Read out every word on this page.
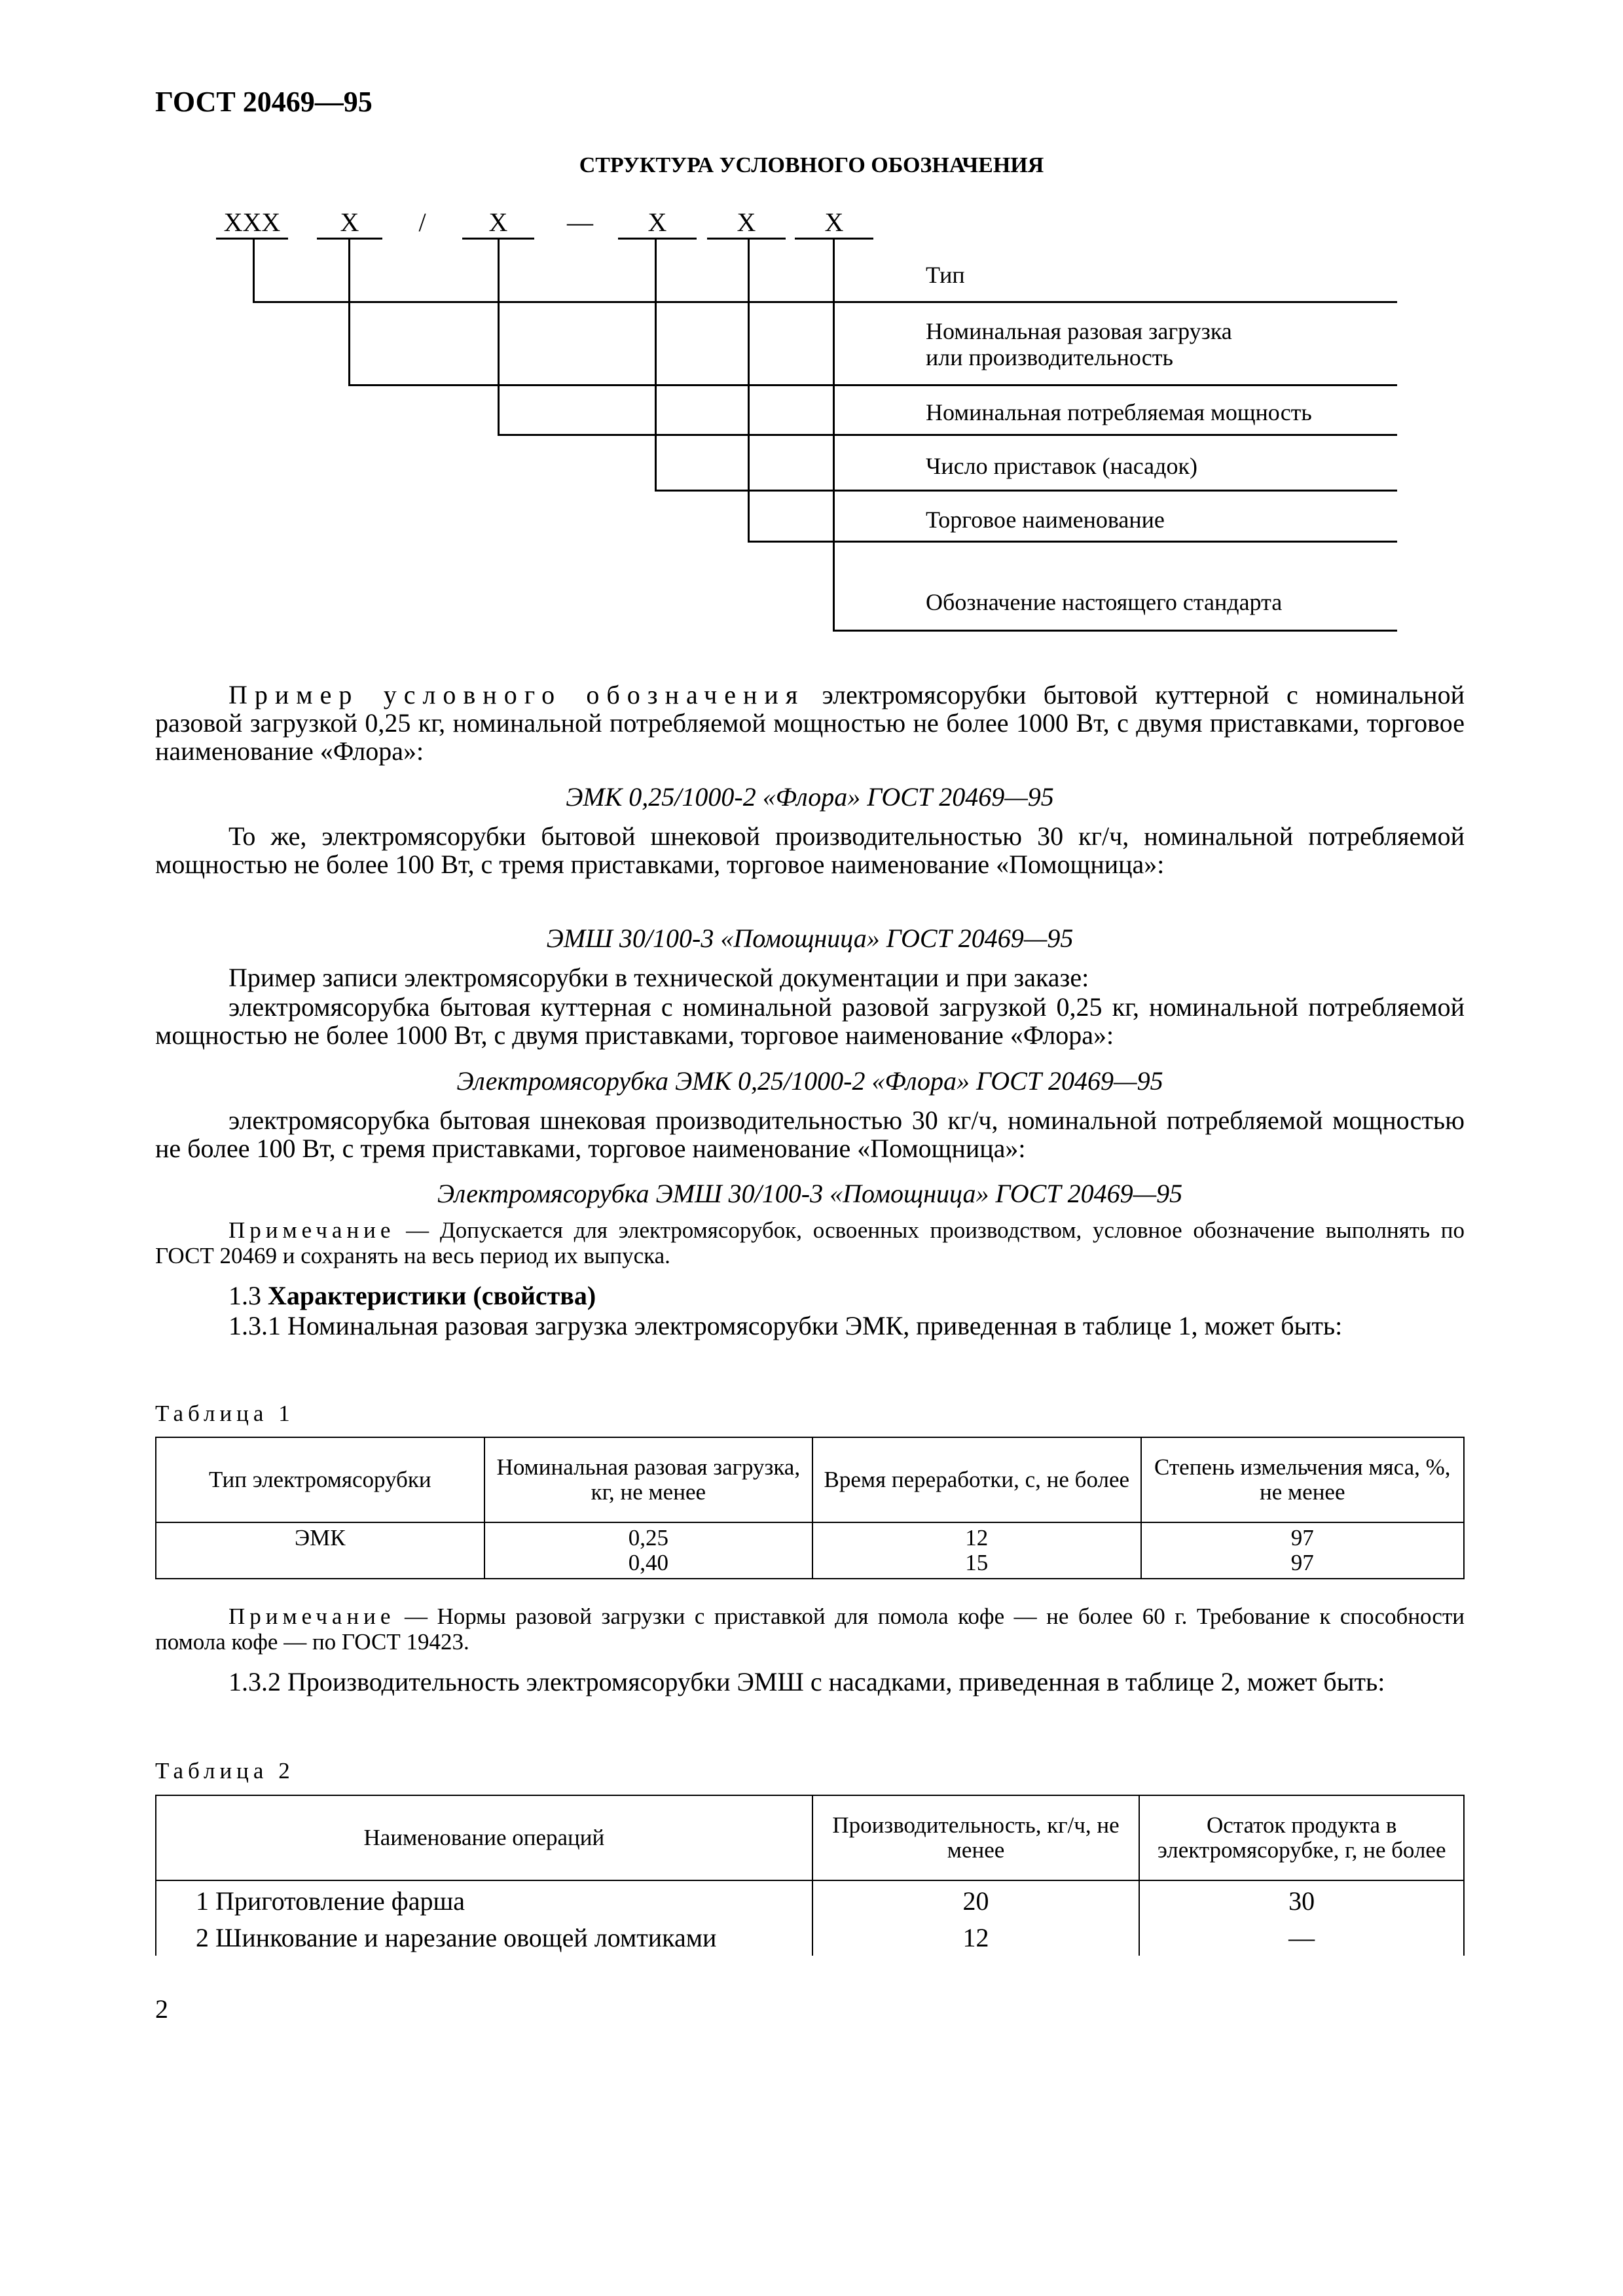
ГОСТ 20469—95
СТРУКТУРА УСЛОВНОГО ОБОЗНАЧЕНИЯ
ХХХ	Х	/	Х	—	Х	Х	Х
Тип
Номинальная разовая загрузка
или производительность
Номинальная потребляемая мощность
Число приставок (насадок)
Торговое наименование
Обозначение настоящего стандарта
Пример условного обозначения электромясорубки бытовой куттерной с номинальной разовой загрузкой 0,25 кг, номинальной потребляемой мощностью не более 1000 Вт, с двумя приставками, торговое наименование «Флора»:
ЭМК 0,25/1000-2 «Флора» ГОСТ 20469—95
То же, электромясорубки бытовой шнековой производительностью 30 кг/ч, номинальной потребляемой мощностью не более 100 Вт, с тремя приставками, торговое наименование «Помощница»:
ЭМШ 30/100-3 «Помощница» ГОСТ 20469—95
Пример записи электромясорубки в технической документации и при заказе:
электромясорубка бытовая куттерная с номинальной разовой загрузкой 0,25 кг, номинальной потребляемой мощностью не более 1000 Вт, с двумя приставками, торговое наименование «Флора»:
Электромясорубка ЭМК 0,25/1000-2 «Флора» ГОСТ 20469—95
электромясорубка бытовая шнековая производительностью 30 кг/ч, номинальной потребляемой мощностью не более 100 Вт, с тремя приставками, торговое наименование «Помощница»:
Электромясорубка ЭМШ 30/100-3 «Помощница» ГОСТ 20469—95
Примечание — Допускается для электромясорубок, освоенных производством, условное обозначение выполнять по ГОСТ 20469 и сохранять на весь период их выпуска.
1.3 Характеристики (свойства)
1.3.1 Номинальная разовая загрузка электромясорубки ЭМК, приведенная в таблице 1, может быть:
Таблица 1
Тип электромясорубки	Номинальная разовая загрузка, кг, не менее	Время переработки, с, не более	Степень измельчения мяса, %, не менее
ЭМК	0,25	12	97
	0,40	15	97
Примечание — Нормы разовой загрузки с приставкой для помола кофе — не более 60 г. Требование к способности помола кофе — по ГОСТ 19423.
1.3.2 Производительность электромясорубки ЭМШ с насадками, приведенная в таблице 2, может быть:
Таблица 2
Наименование операций	Производительность, кг/ч, не менее	Остаток продукта в электромясорубке, г, не более
1 Приготовление фарша	20	30
2 Шинкование и нарезание овощей ломтиками	12	—
2
